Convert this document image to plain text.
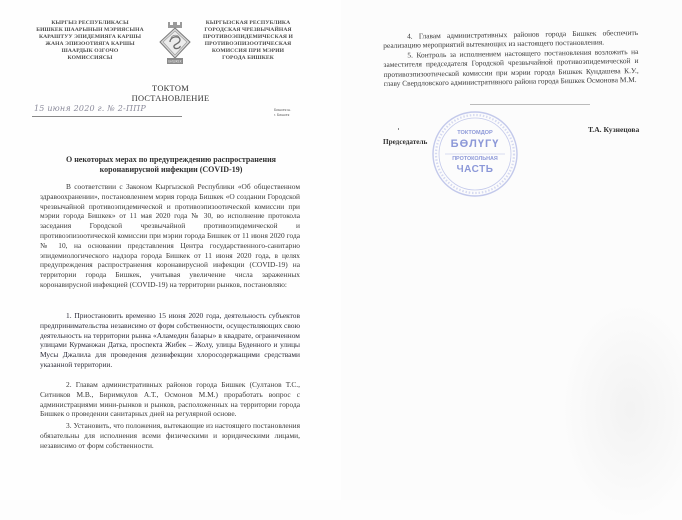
КЫРГЫЗ РЕСПУБЛИКАСЫ
БИШКЕК ШААРЫНЫН МЭРИЯСЫНА
КАРАШТУУ ЭПИДЕМИЯГА КАРШЫ
ЖАНА ЭПИЗООТИЯГА КАРШЫ
ШААРДЫК ОЗГОЧО
КОМИССИЯСЫ
БИШКЕК
КЫРГЫЗСКАЯ РЕСПУБЛИКА
ГОРОДСКАЯ ЧРЕЗВЫЧАЙНАЯ
ПРОТИВОЭПИДЕМИЧЕСКАЯ И
ПРОТИВОЭПИЗООТИЧЕСКАЯ
КОМИССИЯ ПРИ МЭРИИ
ГОРОДА БИШКЕК
ТОКТОМ
ПОСТАНОВЛЕНИЕ
15 июня 2020 г. № 2-ППР	Бишкек ш.
г. Бишкек
О некоторых мерах по предупреждению распространения
коронавирусной инфекции (COVID-19)

В соответствии с Законом Кыргызской Республики «Об общественном здравоохранении», постановлением мэрия города Бишкек «О создании Городской чрезвычайной противоэпидемической и противоэпизоотической комиссии при мэрии города Бишкек» от 11 мая 2020 года № 30, во исполнение протокола заседания Городской чрезвычайной противоэпидемической и противоэпизоотической комиссии при мэрии города Бишкек от 11 июня 2020 года № 10, на основании представления Центра государственного-санитарно эпидемиологического надзора города Бишкек от 11 июня 2020 года, в целях предупреждения распространения коронавирусной инфекции (COVID-19) на территории города Бишкек, учитывая увеличение числа зараженных коронавирусной инфекцией (COVID-19) на территории рынков, постановляю:

1. Приостановить временно 15 июня 2020 года, деятельность субъектов предпринимательства независимо от форм собственности, осуществляющих свою деятельность на территории рынка «Аламедин базары» в квадрате, ограниченном улицами Курманжан Датка, проспекта Жибек – Жолу, улицы Буденного и улицы Мусы Джалила для проведения дезинфекции хлоросодержащими средствами указанной территории.

2. Главам административных районов города Бишкек (Султанов Т.С., Ситников М.В., Биримкулов А.Т., Осмонов М.М.) проработать вопрос с администрациями мини-рынков и рынков, расположенных на территории города Бишкек о проведении санитарных дней на регулярной основе.

3. Установить, что положения, вытекающие из настоящего постановления обязательны для исполнения всеми физическими и юридическими лицами, независимо от форм собственности.

4. Главам административных районов города Бишкек обеспечить реализацию мероприятий вытекающих из настоящего постановления.

5. Контроль за исполнением настоящего постановления возложить на заместителя председателя Городской чрезвычайной противоэпидемической и противоэпизоотической комиссии при мэрии города Бишкек Кундашева К.У., главу Свердловского административного района города Бишкек Осмонова М.М.

ТОКТОМДОР
БӨЛҮГҮ
ПРОТОКОЛЬНАЯ
ЧАСТЬ
Председатель
Т.А. Кузнецова
